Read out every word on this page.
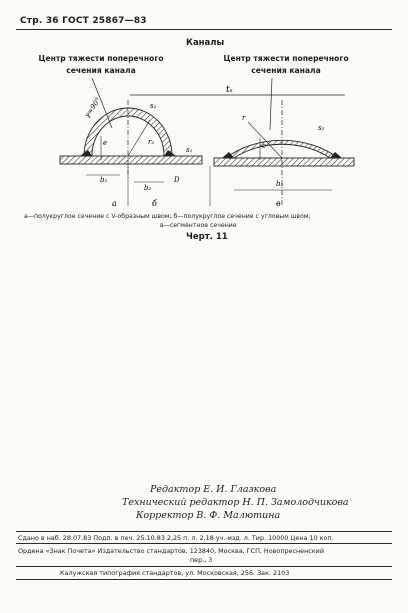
Стр. 36 ГОСТ 25867—83
Каналы
Центр тяжести поперечного
сечения канала
Центр тяжести поперечного
сечения канала
tₛ
e
γ=90°	s₂
r₂
s₁
D
b₂
b₂
e
r
s₂
b₂
а	б	в
а—полукруглое сечение с V-образным швом; б—полукруглое сечение с угловым швом;
в—сегментное сечение
Черт. 11
Редактор Е. И. Глазкова
Технический редактор Н. П. Замолодчикова
Корректор В. Ф. Малютина
Сдано в наб. 28.07.83 Подп. в печ. 25.10.83 2,25 п. л. 2,18 уч.-изд. л. Тир. 10000 Цена 10 коп.
Ордена «Знак Почета» Издательство стандартов, 123840, Москва, ГСП, Новопресненский
пер., 3
Калужская типография стандартов, ул. Московская, 256. Зак. 2103
